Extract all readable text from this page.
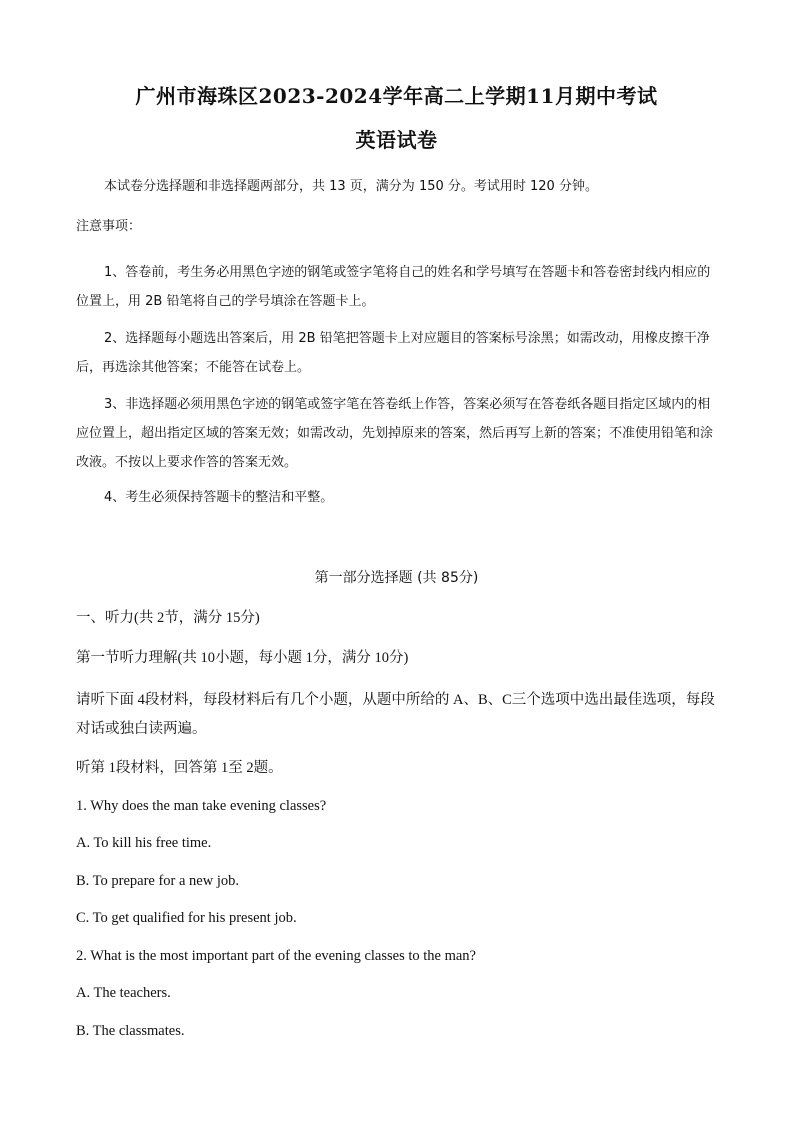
广州市海珠区2023-2024学年高二上学期11月期中考试
英语试卷
本试卷分选择题和非选择题两部分，共 13 页，满分为 150 分。考试用时 120 分钟。
注意事项：
1、答卷前，考生务必用黑色字迹的钢笔或签字笔将自己的姓名和学号填写在答题卡和答卷密封线内相应的位置上，用 2B 铅笔将自己的学号填涂在答题卡上。
2、选择题每小题选出答案后，用 2B 铅笔把答题卡上对应题目的答案标号涂黑；如需改动，用橡皮擦干净后，再选涂其他答案；不能答在试卷上。
3、非选择题必须用黑色字迹的钢笔或签字笔在答卷纸上作答，答案必须写在答卷纸各题目指定区域内的相应位置上，超出指定区域的答案无效；如需改动，先划掉原来的答案，然后再写上新的答案；不准使用铅笔和涂改液。不按以上要求作答的答案无效。
4、考生必须保持答题卡的整洁和平整。
第一部分选择题 (共 85分)
一、听力(共 2节，满分 15分)
第一节听力理解(共 10小题，每小题 1分，满分 10分)
请听下面 4段材料，每段材料后有几个小题，从题中所给的 A、B、C三个选项中选出最佳选项，每段对话或独白读两遍。
听第 1段材料，回答第 1至 2题。
1. Why does the man take evening classes?
A. To kill his free time.
B. To prepare for a new job.
C. To get qualified for his present job.
2. What is the most important part of the evening classes to the man?
A. The teachers.
B. The classmates.
